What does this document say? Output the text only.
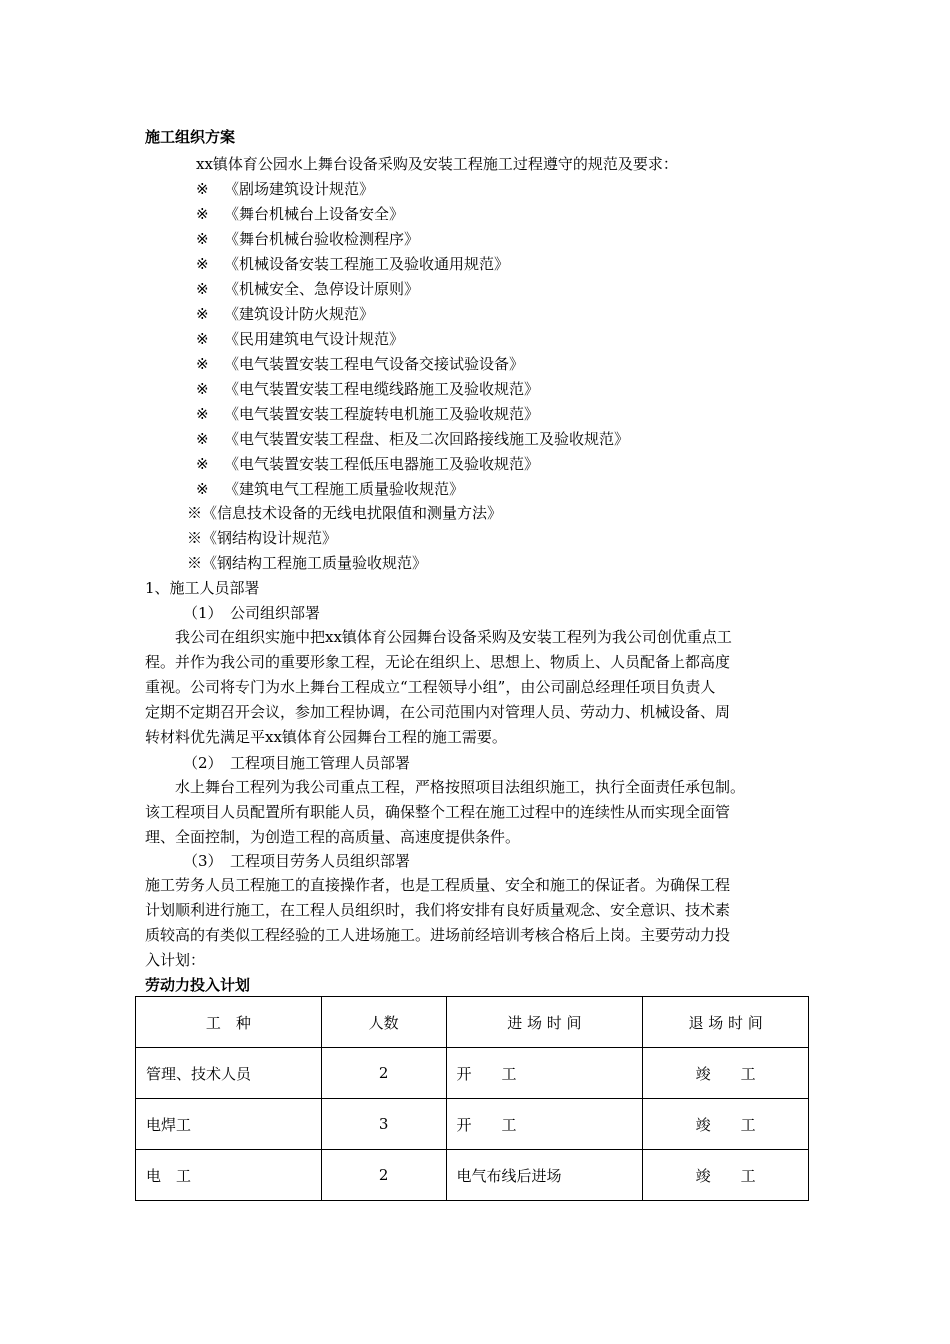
施工组织方案
xx镇体育公园水上舞台设备采购及安装工程施工过程遵守的规范及要求：
※ 《剧场建筑设计规范》
※ 《舞台机械台上设备安全》
※ 《舞台机械台验收检测程序》
※ 《机械设备安装工程施工及验收通用规范》
※ 《机械安全、急停设计原则》
※ 《建筑设计防火规范》
※ 《民用建筑电气设计规范》
※ 《电气装置安装工程电气设备交接试验设备》
※ 《电气装置安装工程电缆线路施工及验收规范》
※ 《电气装置安装工程旋转电机施工及验收规范》
※ 《电气装置安装工程盘、柜及二次回路接线施工及验收规范》
※ 《电气装置安装工程低压电器施工及验收规范》
※ 《建筑电气工程施工质量验收规范》
※《信息技术设备的无线电扰限值和测量方法》
※《钢结构设计规范》
※《钢结构工程施工质量验收规范》
1、施工人员部署
（1）　公司组织部署
　　我公司在组织实施中把xx镇体育公园舞台设备采购及安装工程列为我公司创优重点工
程。并作为我公司的重要形象工程，无论在组织上、思想上、物质上、人员配备上都高度
重视。公司将专门为水上舞台工程成立“工程领导小组”，由公司副总经理任项目负责人
定期不定期召开会议，参加工程协调，在公司范围内对管理人员、劳动力、机械设备、周
转材料优先满足平xx镇体育公园舞台工程的施工需要。
（2）　工程项目施工管理人员部署
　　水上舞台工程列为我公司重点工程，严格按照项目法组织施工，执行全面责任承包制。
该工程项目人员配置所有职能人员，确保整个工程在施工过程中的连续性从而实现全面管
理、全面控制，为创造工程的高质量、高速度提供条件。
（3）　工程项目劳务人员组织部署
施工劳务人员工程施工的直接操作者，也是工程质量、安全和施工的保证者。为确保工程
计划顺利进行施工，在工程人员组织时，我们将安排有良好质量观念、安全意识、技术素
质较高的有类似工程经验的工人进场施工。进场前经培训考核合格后上岗。主要劳动力投
入计划：
劳动力投入计划
工　种	人数	进 场 时 间	退 场 时 间
管理、技术人员	2	开　　工	竣　　工
电焊工	3	开　　工	竣　　工
电　工	2	电气布线后进场	竣　　工
